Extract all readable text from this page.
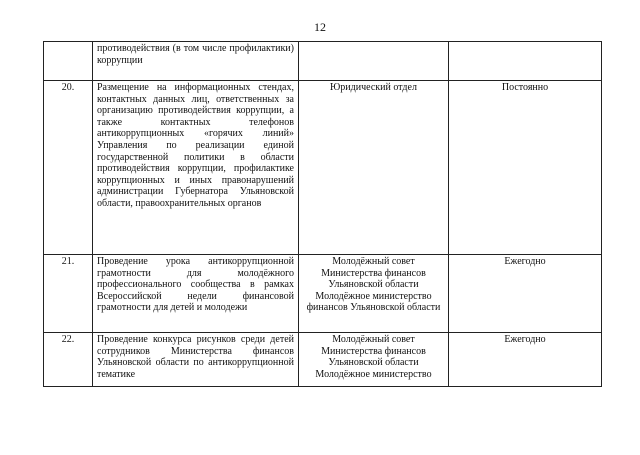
12
	противодействия (в том числе профилактики) коррупции		
20.	Размещение на информационных стендах, контактных данных лиц, ответственных за организацию противодействия коррупции, а также контактных телефонов антикоррупционных «горячих линий» Управления по реализации единой государственной политики в области противодействия коррупции, профилактике коррупционных и иных правонарушений администрации Губернатора Ульяновской области, правоохранительных органов	Юридический отдел	Постоянно
21.	Проведение урока антикоррупционной грамотности для молодёжного профессионального сообщества в рамках Всероссийской недели финансовой грамотности для детей и молодежи	Молодёжный совет
Министерства финансов
Ульяновской области
Молодёжное министерство
финансов Ульяновской области	Ежегодно
22.	Проведение конкурса рисунков среди детей сотрудников Министерства финансов Ульяновской области по антикоррупционной тематике	Молодёжный совет
Министерства финансов
Ульяновской области
Молодёжное министерство	Ежегодно
